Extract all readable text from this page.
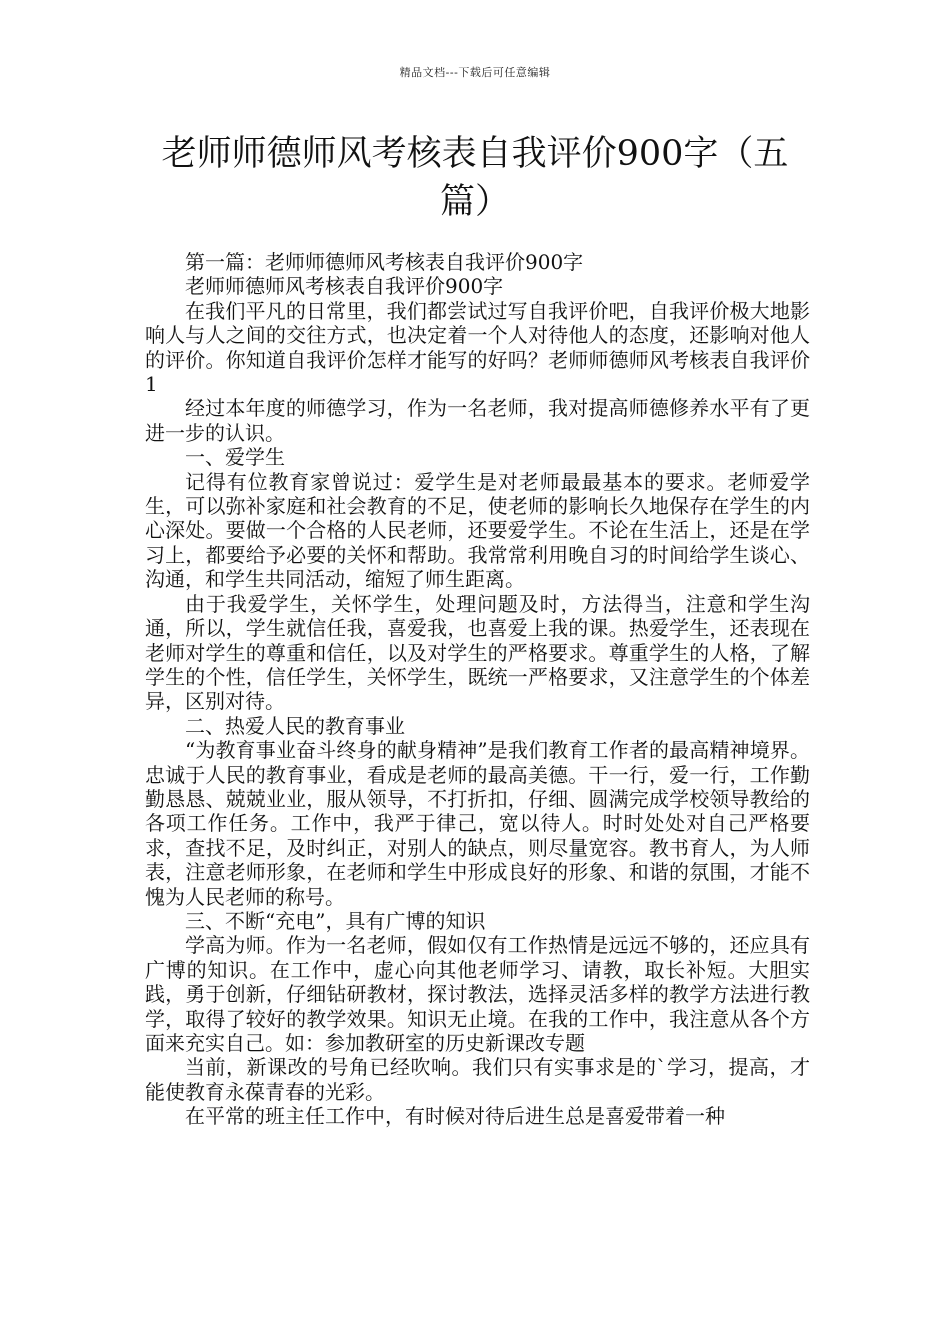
精品文档---下载后可任意编辑
老师师德师风考核表自我评价900字（五篇）

第一篇：老师师德师风考核表自我评价900字

老师师德师风考核表自我评价900字

在我们平凡的日常里，我们都尝试过写自我评价吧，自我评价极大地影响人与人之间的交往方式，也决定着一个人对待他人的态度，还影响对他人的评价。你知道自我评价怎样才能写的好吗？老师师德师风考核表自我评价1

经过本年度的师德学习，作为一名老师，我对提高师德修养水平有了更进一步的认识。

一、爱学生

记得有位教育家曾说过：爱学生是对老师最最基本的要求。老师爱学生，可以弥补家庭和社会教育的不足，使老师的影响长久地保存在学生的内心深处。要做一个合格的人民老师，还要爱学生。不论在生活上，还是在学习上，都要给予必要的关怀和帮助。我常常利用晚自习的时间给学生谈心、沟通，和学生共同活动，缩短了师生距离。

由于我爱学生，关怀学生，处理问题及时，方法得当，注意和学生沟通，所以，学生就信任我，喜爱我，也喜爱上我的课。热爱学生，还表现在老师对学生的尊重和信任，以及对学生的严格要求。尊重学生的人格，了解学生的个性，信任学生，关怀学生，既统一严格要求，又注意学生的个体差异，区别对待。

二、热爱人民的教育事业

“为教育事业奋斗终身的献身精神”是我们教育工作者的最高精神境界。忠诚于人民的教育事业，看成是老师的最高美德。干一行，爱一行，工作勤勤恳恳、兢兢业业，服从领导，不打折扣，仔细、圆满完成学校领导教给的各项工作任务。工作中，我严于律己，宽以待人。时时处处对自己严格要求，查找不足，及时纠正，对别人的缺点，则尽量宽容。教书育人，为人师表，注意老师形象，在老师和学生中形成良好的形象、和谐的氛围，才能不愧为人民老师的称号。

三、不断“充电”，具有广博的知识

学高为师。作为一名老师，假如仅有工作热情是远远不够的，还应具有广博的知识。在工作中，虚心向其他老师学习、请教，取长补短。大胆实践，勇于创新，仔细钻研教材，探讨教法，选择灵活多样的教学方法进行教学，取得了较好的教学效果。知识无止境。在我的工作中，我注意从各个方面来充实自己。如：参加教研室的历史新课改专题

当前，新课改的号角已经吹响。我们只有实事求是的`学习，提高，才能使教育永葆青春的光彩。

在平常的班主任工作中，有时候对待后进生总是喜爱带着一种
